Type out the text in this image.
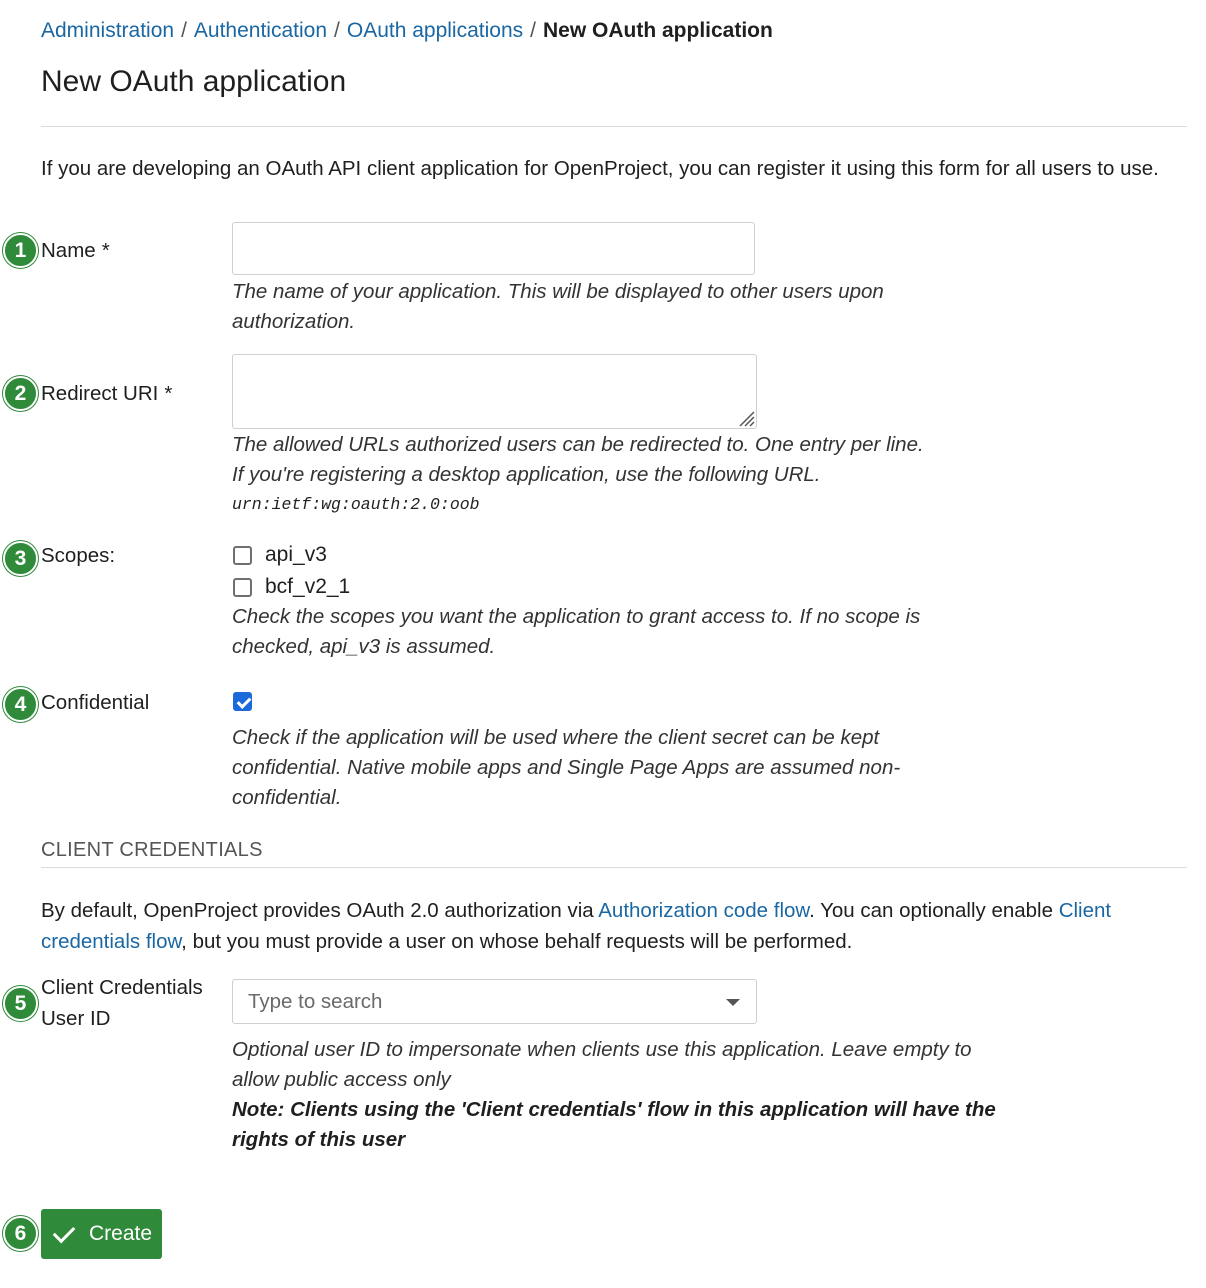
Administration / Authentication / OAuth applications / New OAuth application
New OAuth application
If you are developing an OAuth API client application for OpenProject, you can register it using this form for all users to use.
1 Name *
The name of your application. This will be displayed to other users upon
authorization.
2 Redirect URI *
The allowed URLs authorized users can be redirected to. One entry per line.
If you're registering a desktop application, use the following URL.
urn:ietf:wg:oauth:2.0:oob
3 Scopes:	api_v3
bcf_v2_1
Check the scopes you want the application to grant access to. If no scope is
checked, api_v3 is assumed.
4 Confidential
Check if the application will be used where the client secret can be kept
confidential. Native mobile apps and Single Page Apps are assumed non-
confidential.
CLIENT CREDENTIALS
By default, OpenProject provides OAuth 2.0 authorization via Authorization code flow. You can optionally enable Client credentials flow, but you must provide a user on whose behalf requests will be performed.
5
Client Credentials
User ID
Type to search
Optional user ID to impersonate when clients use this application. Leave empty to
allow public access only
Note: Clients using the 'Client credentials' flow in this application will have the
rights of this user
6	Create
